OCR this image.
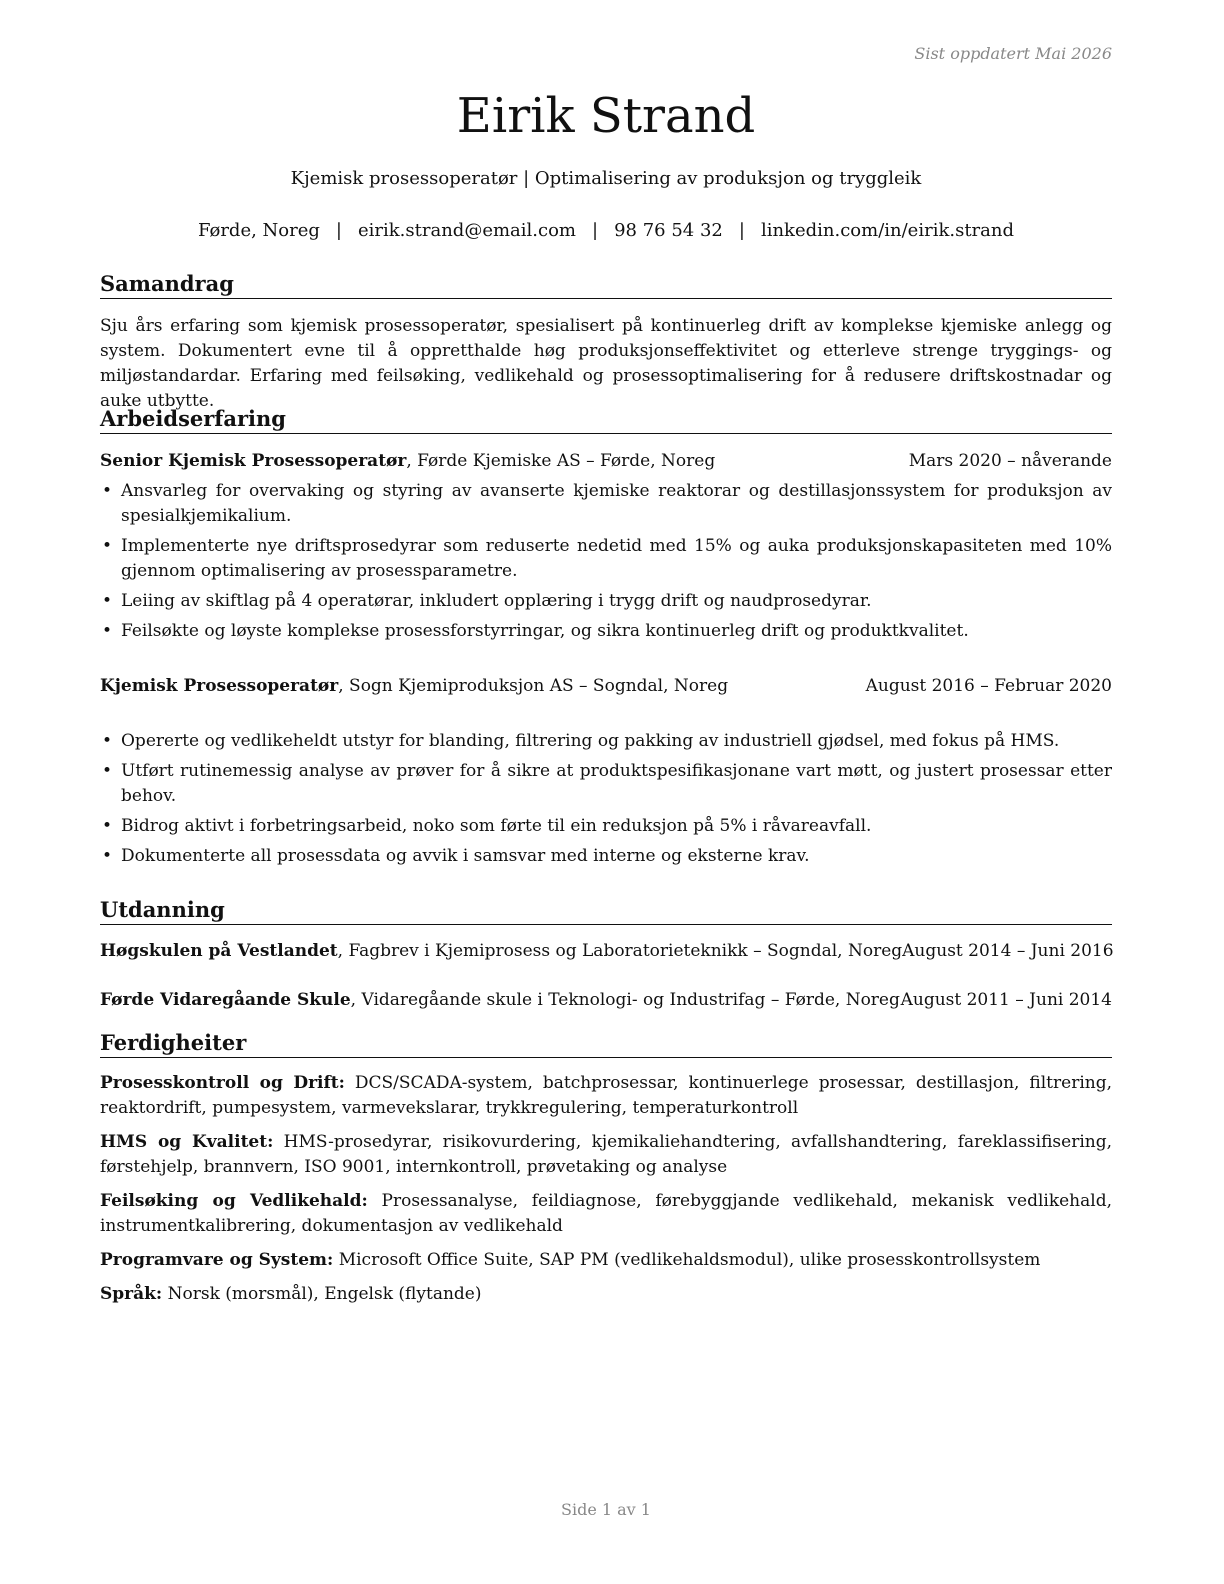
Sist oppdatert Mai 2026
Eirik Strand
Kjemisk prosessoperatør | Optimalisering av produksjon og tryggleik
Førde, Noreg | eirik.strand@email.com | 98 76 54 32 | linkedin.com/in/eirik.strand
Samandrag
Sju års erfaring som kjemisk prosessoperatør, spesialisert på kontinuerleg drift av komplekse kjemiske anlegg og system. Dokumentert evne til å oppretthalde høg produksjonseffektivitet og etterleve strenge tryggings- og miljøstandardar. Erfaring med feilsøking, vedlikehald og prosessoptimalisering for å redusere driftskostnadar og auke utbytte.
Arbeidserfaring
Senior Kjemisk Prosessoperatør, Førde Kjemiske AS – Førde, Noreg	Mars 2020 – nåverande
• Ansvarleg for overvaking og styring av avanserte kjemiske reaktorar og destillasjonssystem for produksjon av spesialkjemikalium.
• Implementerte nye driftsprosedyrar som reduserte nedetid med 15% og auka produksjonskapasiteten med 10% gjennom optimalisering av prosessparametre.
• Leiing av skiftlag på 4 operatørar, inkludert opplæring i trygg drift og naudprosedyrar.
• Feilsøkte og løyste komplekse prosessforstyrringar, og sikra kontinuerleg drift og produktkvalitet.
Kjemisk Prosessoperatør, Sogn Kjemiproduksjon AS – Sogndal, Noreg	August 2016 – Februar 2020
• Opererte og vedlikeheldt utstyr for blanding, filtrering og pakking av industriell gjødsel, med fokus på HMS.
• Utført rutinemessig analyse av prøver for å sikre at produktspesifikasjonane vart møtt, og justert prosessar etter behov.
• Bidrog aktivt i forbetringsarbeid, noko som førte til ein reduksjon på 5% i råvareavfall.
• Dokumenterte all prosessdata og avvik i samsvar med interne og eksterne krav.
Utdanning
Høgskulen på Vestlandet, Fagbrev i Kjemiprosess og Laboratorieteknikk – Sogndal, Noreg August 2014 – Juni 2016
Førde Vidaregåande Skule, Vidaregåande skule i Teknologi- og Industrifag – Førde, Noreg August 2011 – Juni 2014
Ferdigheiter
Prosesskontroll og Drift: DCS/SCADA-system, batchprosessar, kontinuerlege prosessar, destillasjon, filtrering, reaktordrift, pumpesystem, varmevekslarar, trykkregulering, temperaturkontroll
HMS og Kvalitet: HMS-prosedyrar, risikovurdering, kjemikaliehandtering, avfallshandtering, fareklassifisering, førstehjelp, brannvern, ISO 9001, internkontroll, prøvetaking og analyse
Feilsøking og Vedlikehald: Prosessanalyse, feildiagnose, førebyggjande vedlikehald, mekanisk vedlikehald, instrumentkalibrering, dokumentasjon av vedlikehald
Programvare og System: Microsoft Office Suite, SAP PM (vedlikehaldsmodul), ulike prosesskontrollsystem
Språk: Norsk (morsmål), Engelsk (flytande)
Side 1 av 1
